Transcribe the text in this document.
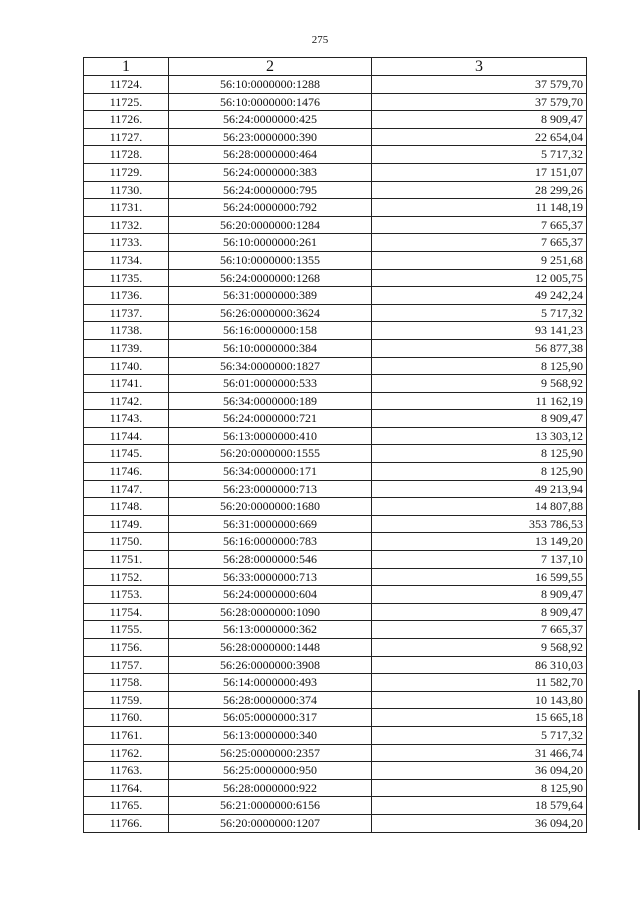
275
1	2	3
11724.	56:10:0000000:1288	37 579,70
11725.	56:10:0000000:1476	37 579,70
11726.	56:24:0000000:425	8 909,47
11727.	56:23:0000000:390	22 654,04
11728.	56:28:0000000:464	5 717,32
11729.	56:24:0000000:383	17 151,07
11730.	56:24:0000000:795	28 299,26
11731.	56:24:0000000:792	11 148,19
11732.	56:20:0000000:1284	7 665,37
11733.	56:10:0000000:261	7 665,37
11734.	56:10:0000000:1355	9 251,68
11735.	56:24:0000000:1268	12 005,75
11736.	56:31:0000000:389	49 242,24
11737.	56:26:0000000:3624	5 717,32
11738.	56:16:0000000:158	93 141,23
11739.	56:10:0000000:384	56 877,38
11740.	56:34:0000000:1827	8 125,90
11741.	56:01:0000000:533	9 568,92
11742.	56:34:0000000:189	11 162,19
11743.	56:24:0000000:721	8 909,47
11744.	56:13:0000000:410	13 303,12
11745.	56:20:0000000:1555	8 125,90
11746.	56:34:0000000:171	8 125,90
11747.	56:23:0000000:713	49 213,94
11748.	56:20:0000000:1680	14 807,88
11749.	56:31:0000000:669	353 786,53
11750.	56:16:0000000:783	13 149,20
11751.	56:28:0000000:546	7 137,10
11752.	56:33:0000000:713	16 599,55
11753.	56:24:0000000:604	8 909,47
11754.	56:28:0000000:1090	8 909,47
11755.	56:13:0000000:362	7 665,37
11756.	56:28:0000000:1448	9 568,92
11757.	56:26:0000000:3908	86 310,03
11758.	56:14:0000000:493	11 582,70
11759.	56:28:0000000:374	10 143,80
11760.	56:05:0000000:317	15 665,18
11761.	56:13:0000000:340	5 717,32
11762.	56:25:0000000:2357	31 466,74
11763.	56:25:0000000:950	36 094,20
11764.	56:28:0000000:922	8 125,90
11765.	56:21:0000000:6156	18 579,64
11766.	56:20:0000000:1207	36 094,20
